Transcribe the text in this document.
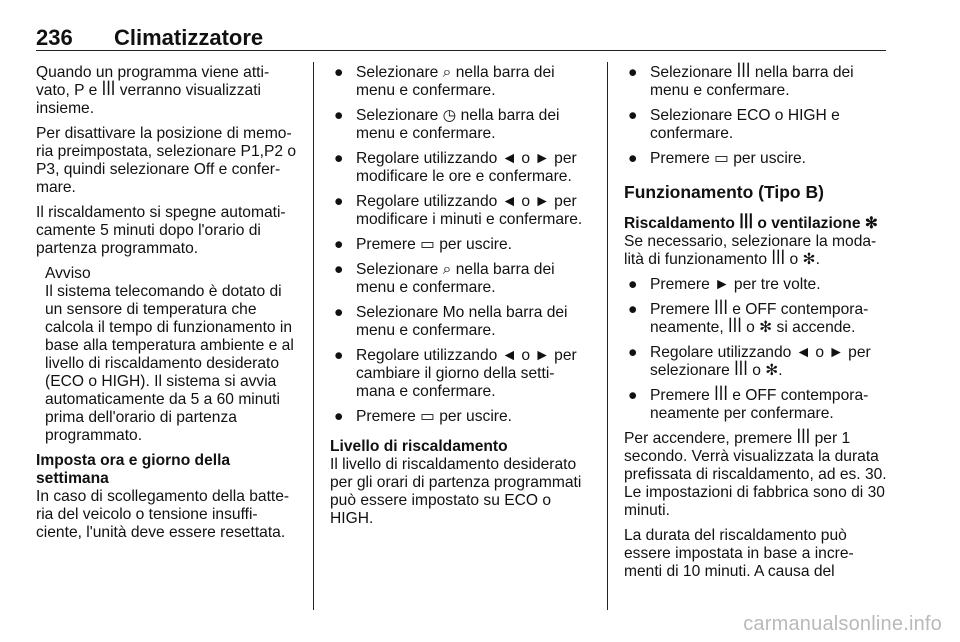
236 Climatizzatore

Quando un programma viene atti- vato, P e ꟾꟾꟾ verranno visualizzati insieme.

Per disattivare la posizione di memo- ria preimpostata, selezionare P1,P2 o P3, quindi selezionare Off e confer- mare.

Il riscaldamento si spegne automati- camente 5 minuti dopo l'orario di partenza programmato.

Avviso
Il sistema telecomando è dotato di un sensore di temperatura che calcola il tempo di funzionamento in base alla temperatura ambiente e al livello di riscaldamento desiderato (ECO o HIGH). Il sistema si avvia automaticamente da 5 a 60 minuti prima dell'orario di partenza programmato.

Imposta ora e giorno della settimana

In caso di scollegamento della batte- ria del veicolo o tensione insuffi- ciente, l'unità deve essere resettata.

● Selezionare ⌕ nella barra dei menu e confermare.
● Selezionare ◷ nella barra dei menu e confermare.
● Regolare utilizzando ◄ o ► per modificare le ore e confermare.
● Regolare utilizzando ◄ o ► per modificare i minuti e confermare.
● Premere ▭ per uscire.
● Selezionare ⌕ nella barra dei menu e confermare.
● Selezionare Mo nella barra dei menu e confermare.
● Regolare utilizzando ◄ o ► per cambiare il giorno della setti- mana e confermare.
● Premere ▭ per uscire.

Livello di riscaldamento

Il livello di riscaldamento desiderato per gli orari di partenza programmati può essere impostato su ECO o HIGH.

● Selezionare ꟾꟾꟾ nella barra dei menu e confermare.
● Selezionare ECO o HIGH e confermare.
● Premere ▭ per uscire.
Funzionamento (Tipo B)

Riscaldamento ꟾꟾꟾ o ventilazione ✻

Se necessario, selezionare la moda- lità di funzionamento ꟾꟾꟾ o ✻.

● Premere ► per tre volte.
● Premere ꟾꟾꟾ e OFF contempora- neamente, ꟾꟾꟾ o ✻ si accende.
● Regolare utilizzando ◄ o ► per selezionare ꟾꟾꟾ o ✻.
● Premere ꟾꟾꟾ e OFF contempora- neamente per confermare.

Per accendere, premere ꟾꟾꟾ per 1 secondo. Verrà visualizzata la durata prefissata di riscaldamento, ad es. 30. Le impostazioni di fabbrica sono di 30 minuti.

La durata del riscaldamento può essere impostata in base a incre- menti di 10 minuti. A causa del

carmanualsonline.info
